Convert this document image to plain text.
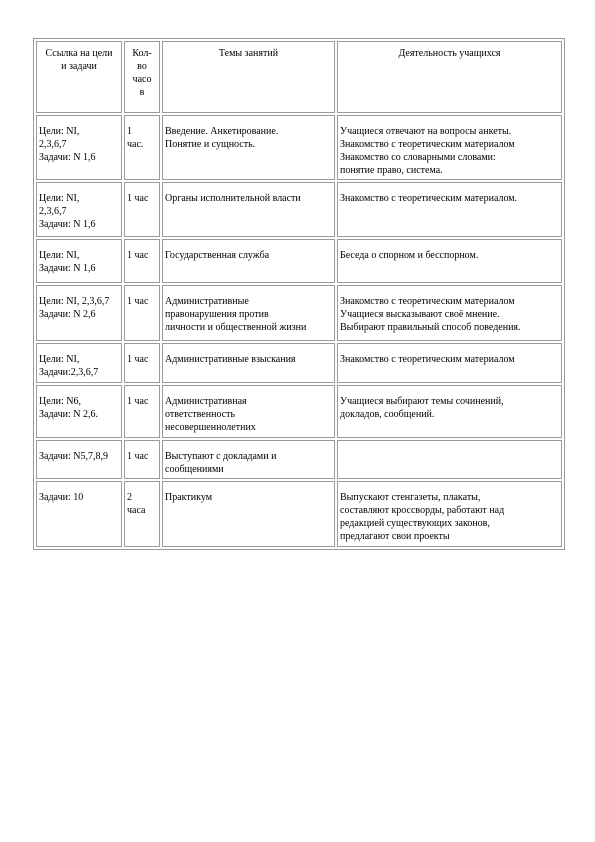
Ссылка на цели
и задачи	Кол-
во
часо
в	Темы занятий	Деятельность учащихся
Цели: NI,
2,3,6,7
Задачи: N 1,6	1
час.	Введение. Анкетирование.
Понятие и сущность.	Учащиеся отвечают на вопросы анкеты.
Знакомство с теоретическим материалом
Знакомство со словарными словами:
понятие право, система.
Цели: NI,
2,3,6,7
Задачи: N 1,6	1 час	Органы исполнительной власти	Знакомство с теоретическим материалом.
Цели: NI,
Задачи: N 1,6	1 час	Государственная служба	Беседа о спорном и бесспорном.
Цели: NI, 2,3,6,7
Задачи: N 2,6	1 час	Административные
правонарушения против
личности и общественной жизни	Знакомство с теоретическим материалом
Учащиеся высказывают своё мнение.
Выбирают правильный способ поведения.
Цели: NI,
Задачи:2,3,6,7	1 час	Административные взыскания	Знакомство с теоретическим материалом
Цели: N6,
Задачи: N 2,6.	1 час	Административная
ответственность
несовершеннолетних	Учащиеся выбирают темы сочинений,
докладов, сообщений.
Задачи: N5,7,8,9	1 час	Выступают с докладами и
сообщениями	
Задачи: 10	2
часа	Практикум	Выпускают стенгазеты, плакаты,
составляют кроссворды, работают над
редакцией существующих законов,
предлагают свои проекты
